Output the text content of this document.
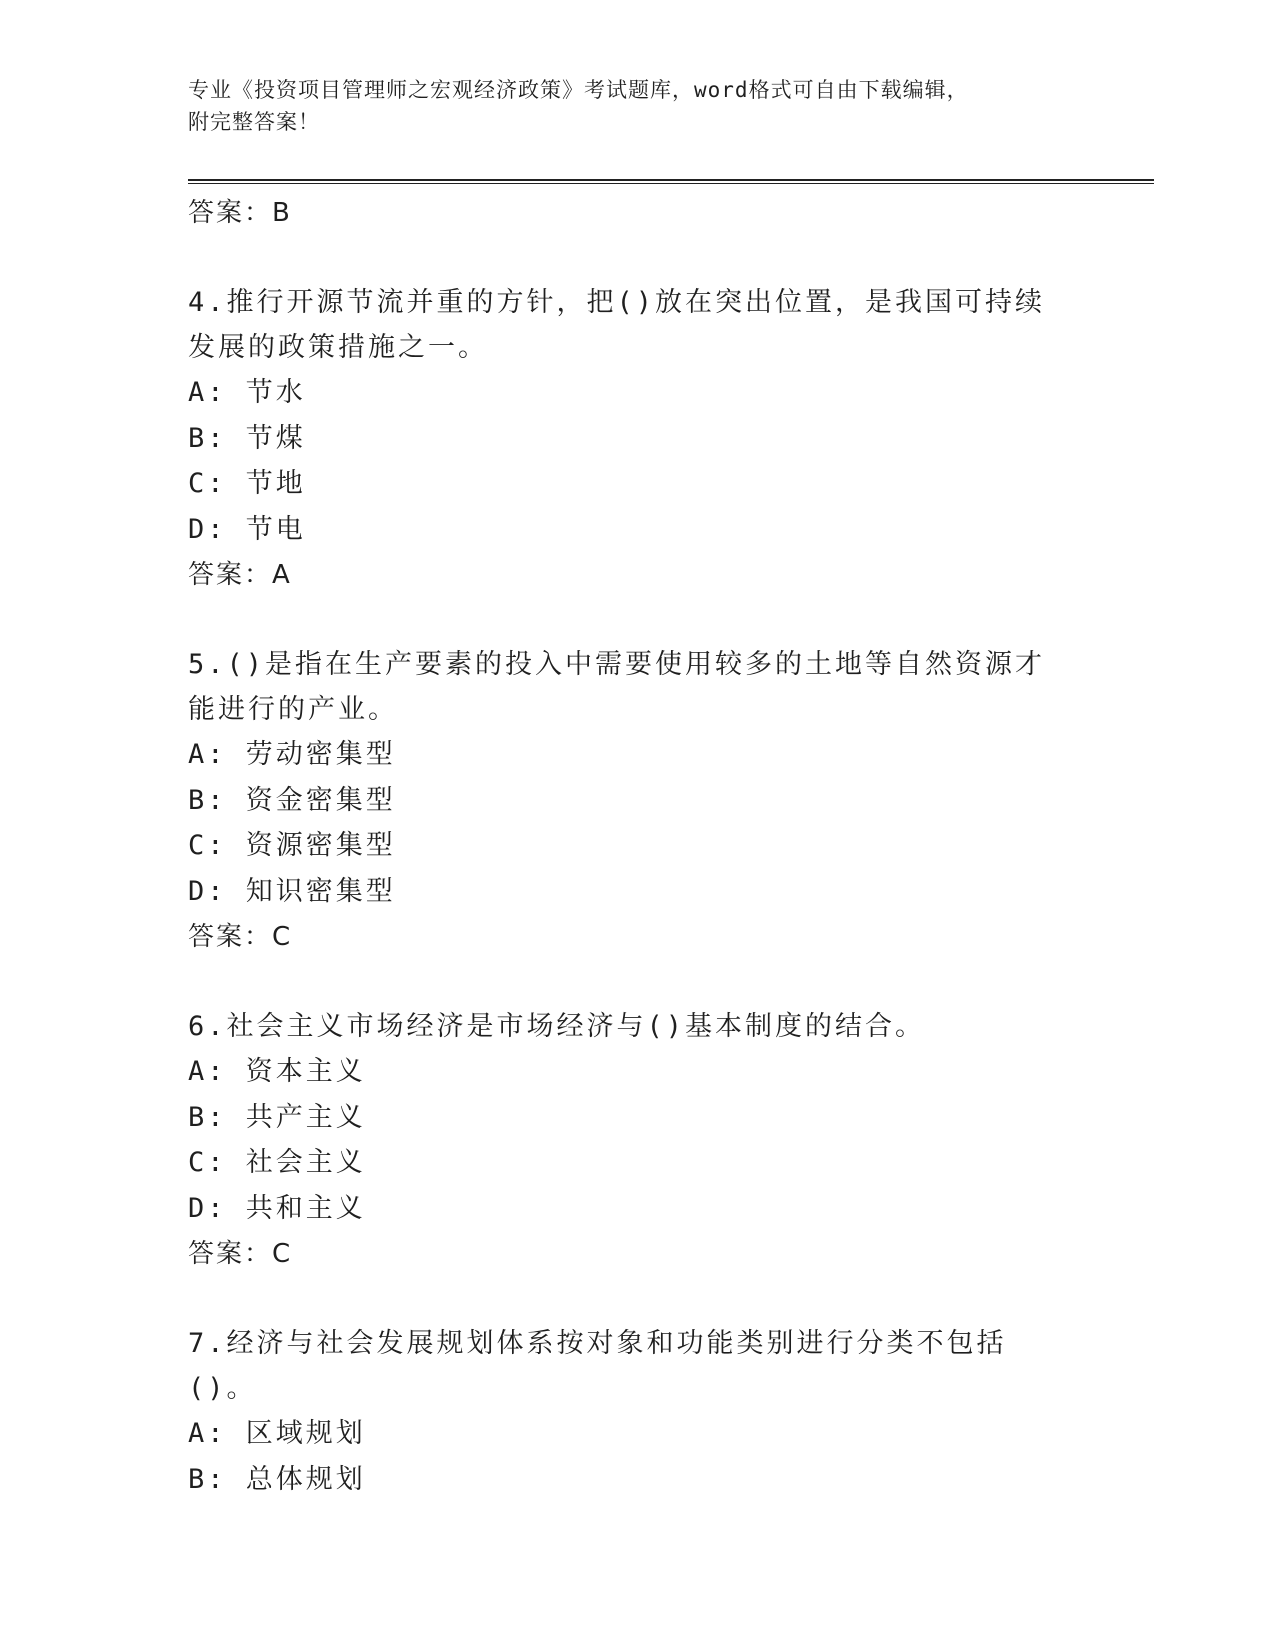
专业《投资项目管理师之宏观经济政策》考试题库，word格式可自由下载编辑，
附完整答案！
答案：B
4.推行开源节流并重的方针，把()放在突出位置，是我国可持续发展的政策措施之一。
A: 节水
B: 节煤
C: 节地
D: 节电
答案：A
5.()是指在生产要素的投入中需要使用较多的土地等自然资源才能进行的产业。
A: 劳动密集型
B: 资金密集型
C: 资源密集型
D: 知识密集型
答案：C
6.社会主义市场经济是市场经济与()基本制度的结合。
A: 资本主义
B: 共产主义
C: 社会主义
D: 共和主义
答案：C
7.经济与社会发展规划体系按对象和功能类别进行分类不包括()。
A: 区域规划
B: 总体规划
